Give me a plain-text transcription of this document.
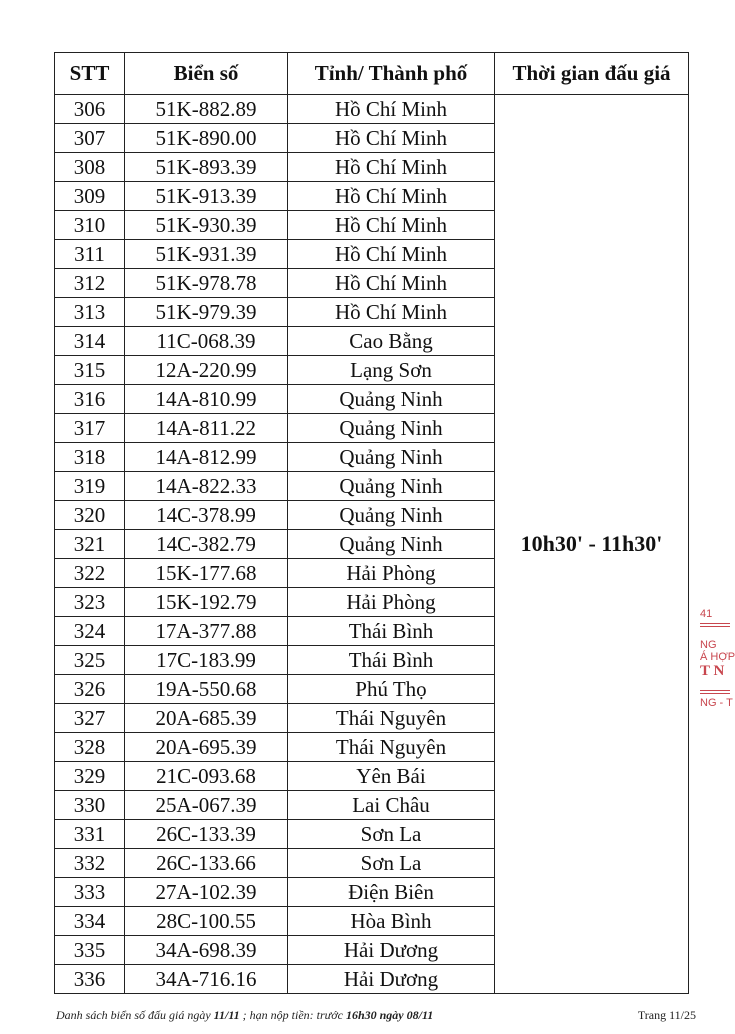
STT	Biển số	Tỉnh/ Thành phố	Thời gian đấu giá
306	51K-882.89	Hồ Chí Minh	10h30' - 11h30'
307	51K-890.00	Hồ Chí Minh	
308	51K-893.39	Hồ Chí Minh	
309	51K-913.39	Hồ Chí Minh	
310	51K-930.39	Hồ Chí Minh	
311	51K-931.39	Hồ Chí Minh	
312	51K-978.78	Hồ Chí Minh	
313	51K-979.39	Hồ Chí Minh	
314	11C-068.39	Cao Bằng	
315	12A-220.99	Lạng Sơn	
316	14A-810.99	Quảng Ninh	
317	14A-811.22	Quảng Ninh	
318	14A-812.99	Quảng Ninh	
319	14A-822.33	Quảng Ninh	
320	14C-378.99	Quảng Ninh	
321	14C-382.79	Quảng Ninh	
322	15K-177.68	Hải Phòng	
323	15K-192.79	Hải Phòng	
324	17A-377.88	Thái Bình	
325	17C-183.99	Thái Bình	
326	19A-550.68	Phú Thọ	
327	20A-685.39	Thái Nguyên	
328	20A-695.39	Thái Nguyên	
329	21C-093.68	Yên Bái	
330	25A-067.39	Lai Châu	
331	26C-133.39	Sơn La	
332	26C-133.66	Sơn La	
333	27A-102.39	Điện Biên	
334	28C-100.55	Hòa Bình	
335	34A-698.39	Hải Dương	
336	34A-716.16	Hải Dương	
41
NG
Á HỢP
T N
NG - T
Danh sách biển số đấu giá ngày 11/11 ; hạn nộp tiền: trước 16h30 ngày 08/11	Trang 11/25
